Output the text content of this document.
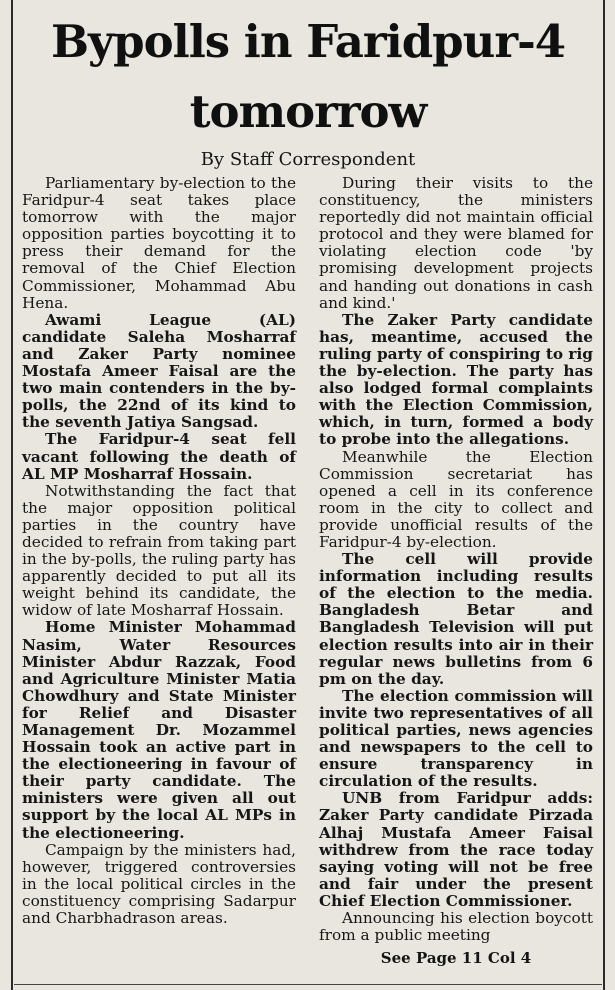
Bypolls in Faridpur-4
tomorrow
By Staff Correspondent

Parliamentary by-election to the Faridpur-4 seat takes place tomorrow with the major opposition parties boycotting it to press their demand for the removal of the Chief Election Commissioner, Mohammad Abu Hena.

Awami League (AL) candidate Saleha Mosharraf and Zaker Party nominee Mostafa Ameer Faisal are the two main contenders in the by-polls, the 22nd of its kind to the seventh Jatiya Sangsad.

The Faridpur-4 seat fell vacant following the death of AL MP Mosharraf Hossain.

Notwithstanding the fact that the major opposition political parties in the country have decided to refrain from taking part in the by-polls, the ruling party has apparently decided to put all its weight behind its candidate, the widow of late Mosharraf Hossain.

Home Minister Mohammad Nasim, Water Resources Minister Abdur Razzak, Food and Agriculture Minister Matia Chowdhury and State Minister for Relief and Disaster Management Dr. Mozammel Hossain took an active part in the electioneering in favour of their party candidate. The ministers were given all out support by the local AL MPs in the electioneering.

Campaign by the ministers had, however, triggered controversies in the local political circles in the constituency comprising Sadarpur and Charbhadrason areas.

During their visits to the constituency, the ministers reportedly did not maintain official protocol and they were blamed for violating election code 'by promising development projects and handing out donations in cash and kind.'

The Zaker Party candidate has, meantime, accused the ruling party of conspiring to rig the by-election. The party has also lodged formal complaints with the Election Commission, which, in turn, formed a body to probe into the allegations.

Meanwhile the Election Commission secretariat has opened a cell in its conference room in the city to collect and provide unofficial results of the Faridpur-4 by-election.

The cell will provide information including results of the election to the media. Bangladesh Betar and Bangladesh Television will put election results into air in their regular news bulletins from 6 pm on the day.

The election commission will invite two representatives of all political parties, news agencies and newspapers to the cell to ensure transparency in circulation of the results.

UNB from Faridpur adds: Zaker Party candidate Pirzada Alhaj Mustafa Ameer Faisal withdrew from the race today saying voting will not be free and fair under the present Chief Election Commissioner.

Announcing his election boycott from a public meeting

See Page 11 Col 4
